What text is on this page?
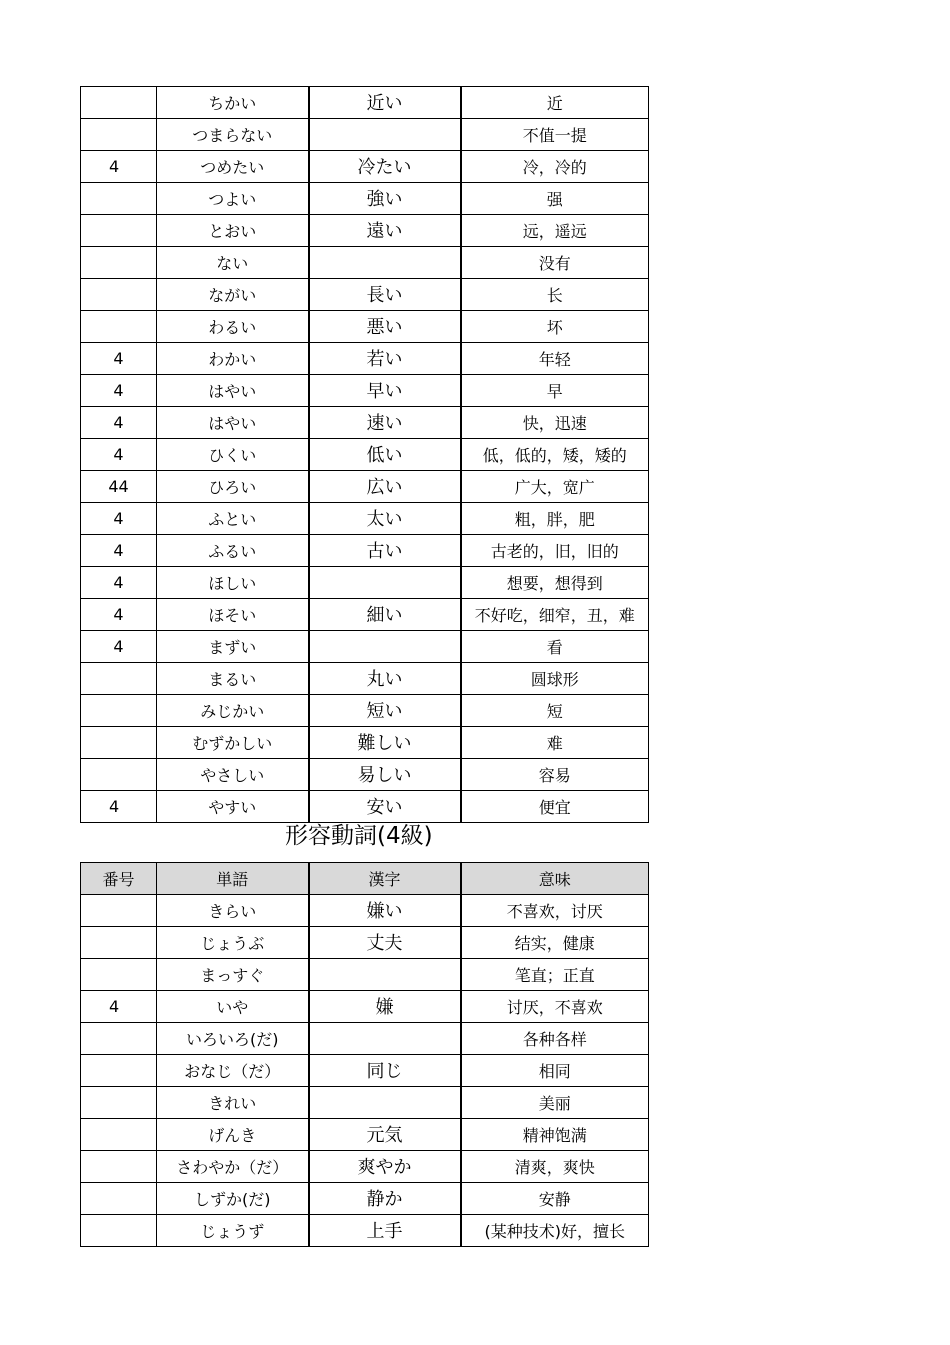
	ちかい	近い	近
	つまらない		不值一提
4	つめたい	冷たい	冷，冷的
	つよい	強い	强
	とおい	遠い	远，遥远
	ない		没有
	ながい	長い	长
	わるい	悪い	坏
4	わかい	若い	年轻
4	はやい	早い	早
4	はやい	速い	快，迅速
4	ひくい	低い	低，低的，矮，矮的
44	ひろい	広い	广大，宽广
4	ふとい	太い	粗，胖，肥
4	ふるい	古い	古老的，旧，旧的
4	ほしい		想要，想得到
4	ほそい	細い	不好吃，细窄，丑，难
4	まずい		看
	まるい	丸い	圆球形
	みじかい	短い	短
	むずかしい	難しい	难
	やさしい	易しい	容易
4	やすい	安い	便宜
形容動詞(4級)
番号	単語	漢字	意味
	きらい	嫌い	不喜欢，讨厌
	じょうぶ	丈夫	结实，健康
	まっすぐ		笔直；正直
4	いや	嫌	讨厌，不喜欢
	いろいろ(だ)		各种各样
	おなじ（だ）	同じ	相同
	きれい		美丽
	げんき	元気	精神饱满
	さわやか（だ）	爽やか	清爽，爽快
	しずか(だ)	静か	安静
	じょうず	上手	(某种技术)好，擅长
